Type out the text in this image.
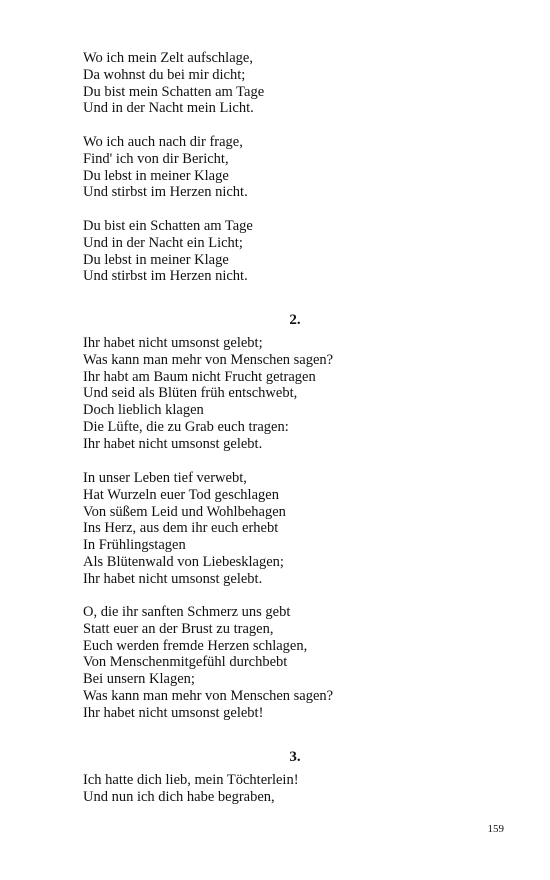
Wo ich mein Zelt aufschlage,
Da wohnst du bei mir dicht;
Du bist mein Schatten am Tage
Und in der Nacht mein Licht.
Wo ich auch nach dir frage,
Find' ich von dir Bericht,
Du lebst in meiner Klage
Und stirbst im Herzen nicht.
Du bist ein Schatten am Tage
Und in der Nacht ein Licht;
Du lebst in meiner Klage
Und stirbst im Herzen nicht.
2.
Ihr habet nicht umsonst gelebt;
Was kann man mehr von Menschen sagen?
Ihr habt am Baum nicht Frucht getragen
Und seid als Blüten früh entschwebt,
Doch lieblich klagen
Die Lüfte, die zu Grab euch tragen:
Ihr habet nicht umsonst gelebt.
In unser Leben tief verwebt,
Hat Wurzeln euer Tod geschlagen
Von süßem Leid und Wohlbehagen
Ins Herz, aus dem ihr euch erhebt
In Frühlingstagen
Als Blütenwald von Liebesklagen;
Ihr habet nicht umsonst gelebt.
O, die ihr sanften Schmerz uns gebt
Statt euer an der Brust zu tragen,
Euch werden fremde Herzen schlagen,
Von Menschenmitgefühl durchbebt
Bei unsern Klagen;
Was kann man mehr von Menschen sagen?
Ihr habet nicht umsonst gelebt!
3.
Ich hatte dich lieb, mein Töchterlein!
Und nun ich dich habe begraben,
159
